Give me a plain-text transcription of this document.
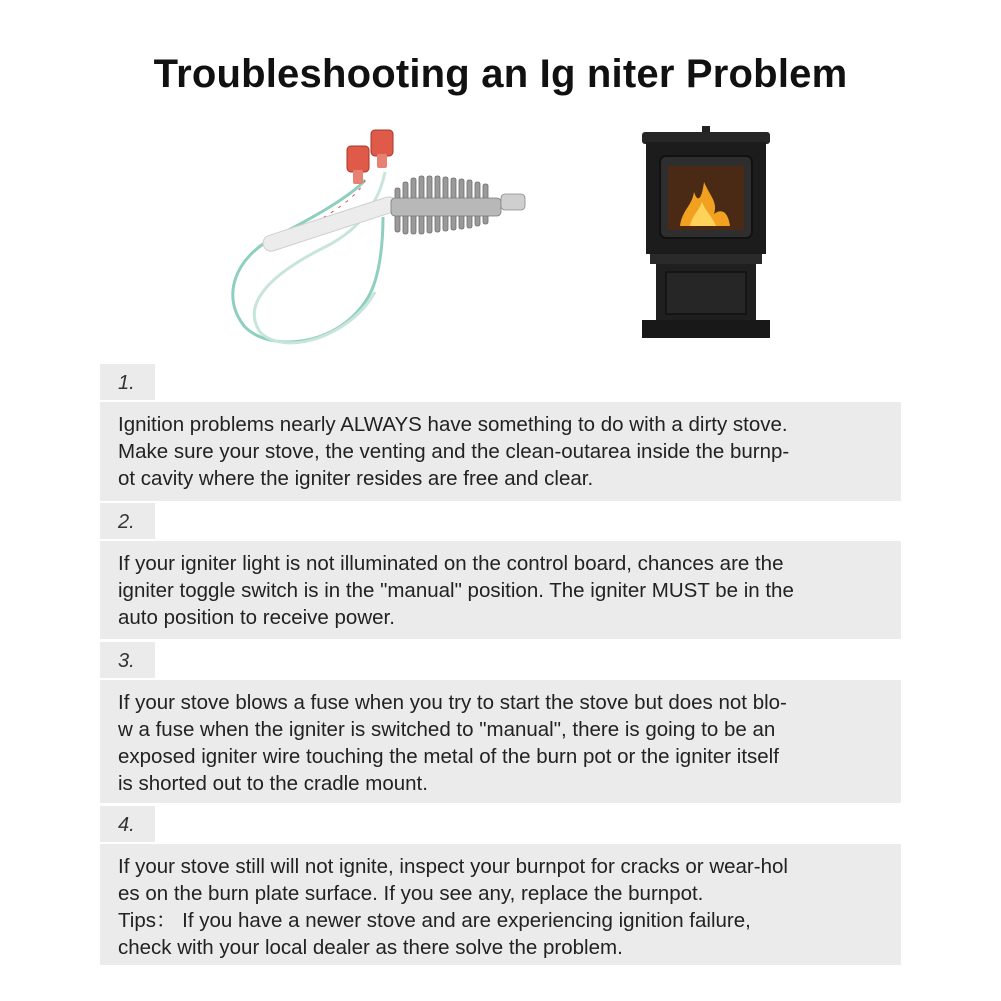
Troubleshooting an Ig niter Problem
1.
Ignition problems nearly ALWAYS have something to do with a dirty stove.
Make sure your stove, the venting and the clean-outarea inside the burnp-
ot cavity where the igniter resides are free and clear.
2.
If your igniter light is not illuminated on the control board, chances are the
igniter toggle switch is in the "manual" position. The igniter MUST be in the
auto position to receive power.
3.
If your stove blows a fuse when you try to start the stove but does not blo-
w a fuse when the igniter is switched to "manual", there is going to be an
exposed igniter wire touching the metal of the burn pot or the igniter itself
is shorted out to the cradle mount.
4.
If your stove still will not ignite, inspect your burnpot for cracks or wear-hol
es on the burn plate surface. If you see any, replace the burnpot.
Tips： If you have a newer stove and are experiencing ignition failure,
check with your local dealer as there solve the problem.
